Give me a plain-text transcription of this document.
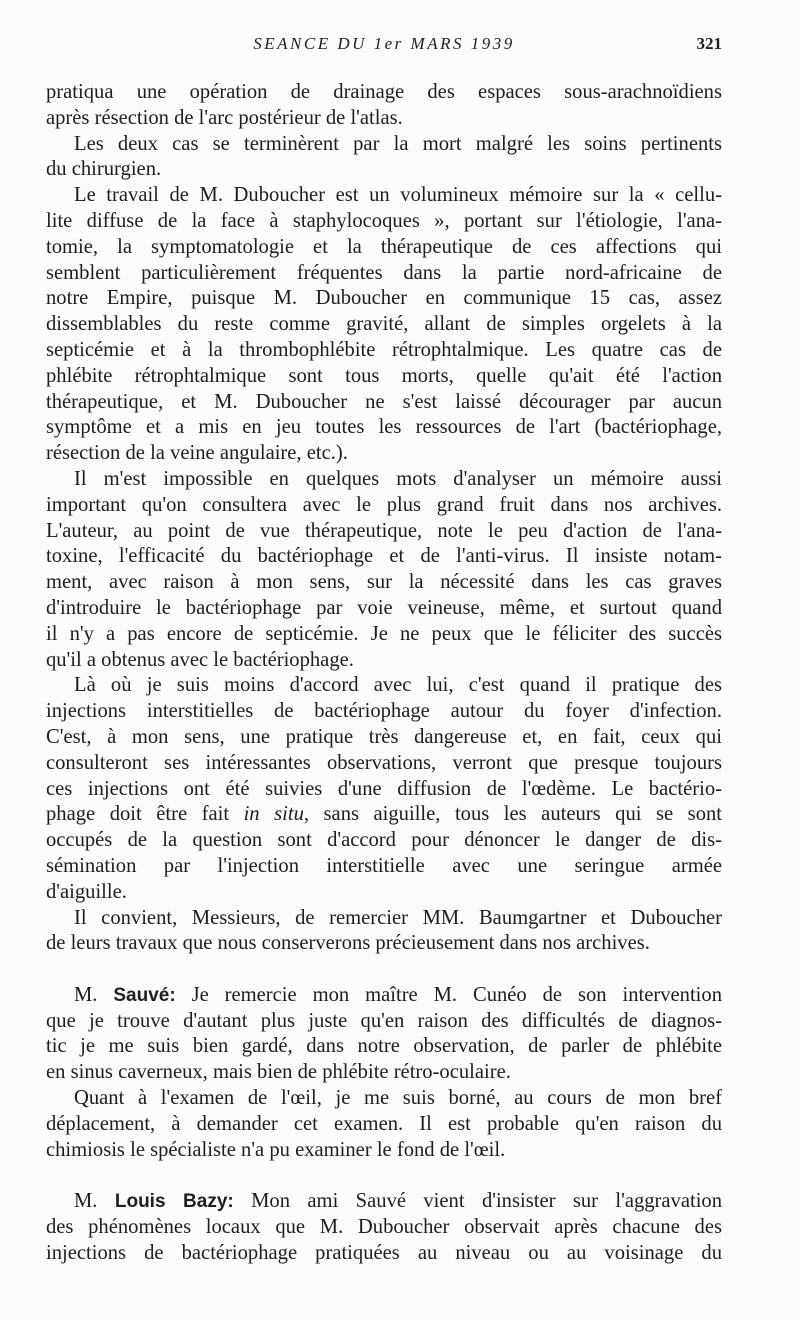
SEANCE DU 1er MARS 1939	321
pratiqua une opération de drainage des espaces sous-arachnoïdiens
après résection de l'arc postérieur de l'atlas.
Les deux cas se terminèrent par la mort malgré les soins pertinents
du chirurgien.
Le travail de M. Duboucher est un volumineux mémoire sur la « cellu-
lite diffuse de la face à staphylocoques », portant sur l'étiologie, l'ana-
tomie, la symptomatologie et la thérapeutique de ces affections qui
semblent particulièrement fréquentes dans la partie nord-africaine de
notre Empire, puisque M. Duboucher en communique 15 cas, assez
dissemblables du reste comme gravité, allant de simples orgelets à la
septicémie et à la thrombophlébite rétrophtalmique. Les quatre cas de
phlébite rétrophtalmique sont tous morts, quelle qu'ait été l'action
thérapeutique, et M. Duboucher ne s'est laissé décourager par aucun
symptôme et a mis en jeu toutes les ressources de l'art (bactériophage,
résection de la veine angulaire, etc.).
Il m'est impossible en quelques mots d'analyser un mémoire aussi
important qu'on consultera avec le plus grand fruit dans nos archives.
L'auteur, au point de vue thérapeutique, note le peu d'action de l'ana-
toxine, l'efficacité du bactériophage et de l'anti-virus. Il insiste notam-
ment, avec raison à mon sens, sur la nécessité dans les cas graves
d'introduire le bactériophage par voie veineuse, même, et surtout quand
il n'y a pas encore de septicémie. Je ne peux que le féliciter des succès
qu'il a obtenus avec le bactériophage.
Là où je suis moins d'accord avec lui, c'est quand il pratique des
injections interstitielles de bactériophage autour du foyer d'infection.
C'est, à mon sens, une pratique très dangereuse et, en fait, ceux qui
consulteront ses intéressantes observations, verront que presque toujours
ces injections ont été suivies d'une diffusion de l'œdème. Le bactério-
phage doit être fait in situ, sans aiguille, tous les auteurs qui se sont
occupés de la question sont d'accord pour dénoncer le danger de dis-
sémination par l'injection interstitielle avec une seringue armée
d'aiguille.
Il convient, Messieurs, de remercier MM. Baumgartner et Duboucher
de leurs travaux que nous conserverons précieusement dans nos archives.
M. Sauvé: Je remercie mon maître M. Cunéo de son intervention
que je trouve d'autant plus juste qu'en raison des difficultés de diagnos-
tic je me suis bien gardé, dans notre observation, de parler de phlébite
en sinus caverneux, mais bien de phlébite rétro-oculaire.
Quant à l'examen de l'œil, je me suis borné, au cours de mon bref
déplacement, à demander cet examen. Il est probable qu'en raison du
chimiosis le spécialiste n'a pu examiner le fond de l'œil.
M. Louis Bazy: Mon ami Sauvé vient d'insister sur l'aggravation
des phénomènes locaux que M. Duboucher observait après chacune des
injections de bactériophage pratiquées au niveau ou au voisinage du
